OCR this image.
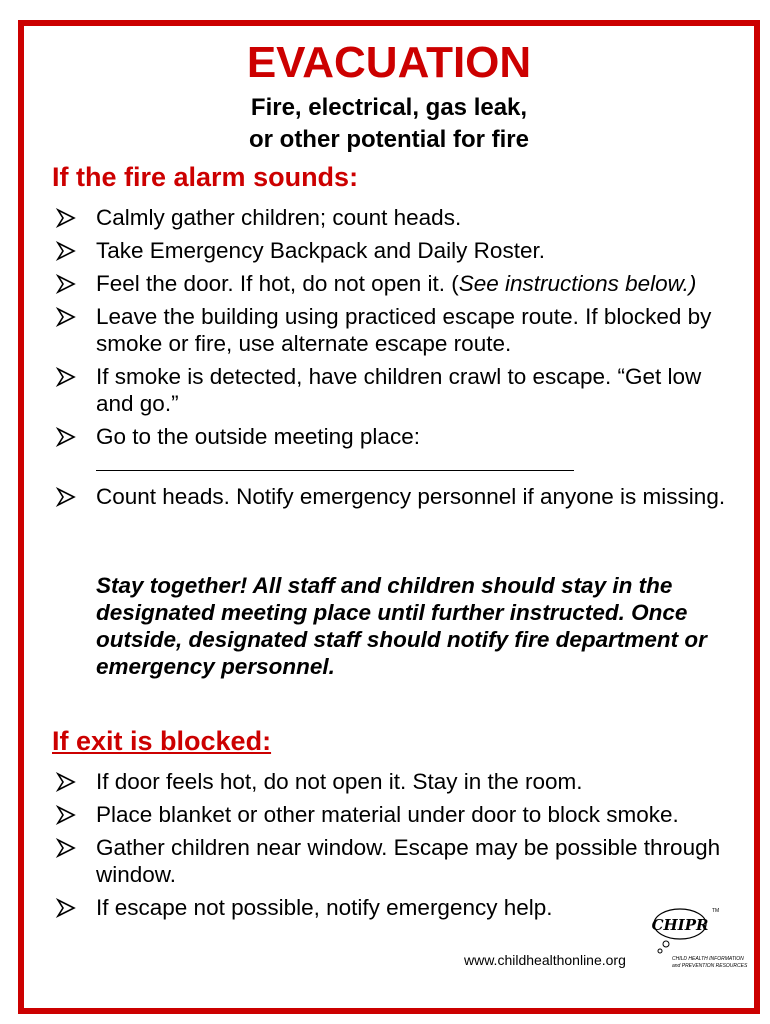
EVACUATION
Fire, electrical, gas leak,
or other potential for fire
If the fire alarm sounds:
Calmly gather children; count heads.
Take Emergency Backpack and Daily Roster.
Feel the door. If hot, do not open it. (See instructions below.)
Leave the building using practiced escape route. If blocked by smoke or fire, use alternate escape route.
If smoke is detected, have children crawl to escape. “Get low and go.”
Go to the outside meeting place:

Count heads. Notify emergency personnel if anyone is missing.
Stay together! All staff and children should stay in the designated meeting place until further instructed. Once outside, designated staff should notify fire department or emergency personnel.
If exit is blocked:
If door feels hot, do not open it. Stay in the room.
Place blanket or other material under door to block smoke.
Gather children near window. Escape may be possible through window.
If escape not possible, notify emergency help.
www.childhealthonline.org
CHIPR
TM
CHILD HEALTH INFORMATION
and PREVENTION RESOURCES
